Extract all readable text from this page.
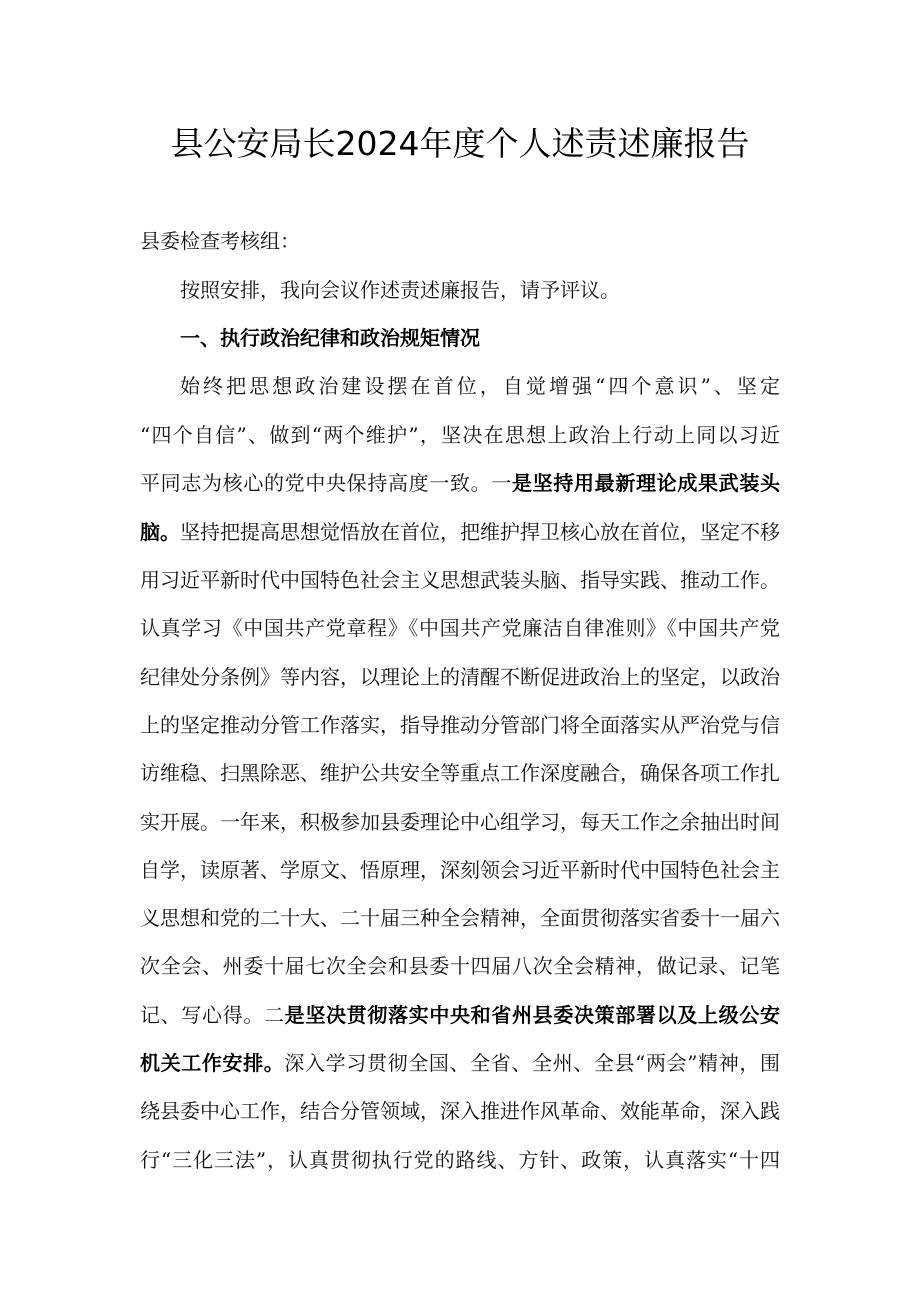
县公安局长2024年度个人述责述廉报告

县委检查考核组：

按照安排，我向会议作述责述廉报告，请予评议。

一、执行政治纪律和政治规矩情况

始终把思想政治建设摆在首位，自觉增强“四个意识”、坚定

“四个自信”、做到“两个维护”，坚决在思想上政治上行动上同以习近

平同志为核心的党中央保持高度一致。一是坚持用最新理论成果武装头

脑。坚持把提高思想觉悟放在首位，把维护捍卫核心放在首位，坚定不移

用习近平新时代中国特色社会主义思想武装头脑、指导实践、推动工作。

认真学习《中国共产党章程》《中国共产党廉洁自律准则》《中国共产党

纪律处分条例》等内容，以理论上的清醒不断促进政治上的坚定，以政治

上的坚定推动分管工作落实，指导推动分管部门将全面落实从严治党与信

访维稳、扫黑除恶、维护公共安全等重点工作深度融合，确保各项工作扎

实开展。一年来，积极参加县委理论中心组学习，每天工作之余抽出时间

自学，读原著、学原文、悟原理，深刻领会习近平新时代中国特色社会主

义思想和党的二十大、二十届三种全会精神，全面贯彻落实省委十一届六

次全会、州委十届七次全会和县委十四届八次全会精神，做记录、记笔

记、写心得。二是坚决贯彻落实中央和省州县委决策部署以及上级公安

机关工作安排。深入学习贯彻全国、全省、全州、全县“两会”精神，围

绕县委中心工作，结合分管领域，深入推进作风革命、效能革命，深入践

行“三化三法”，认真贯彻执行党的路线、方针、政策，认真落实“十四
